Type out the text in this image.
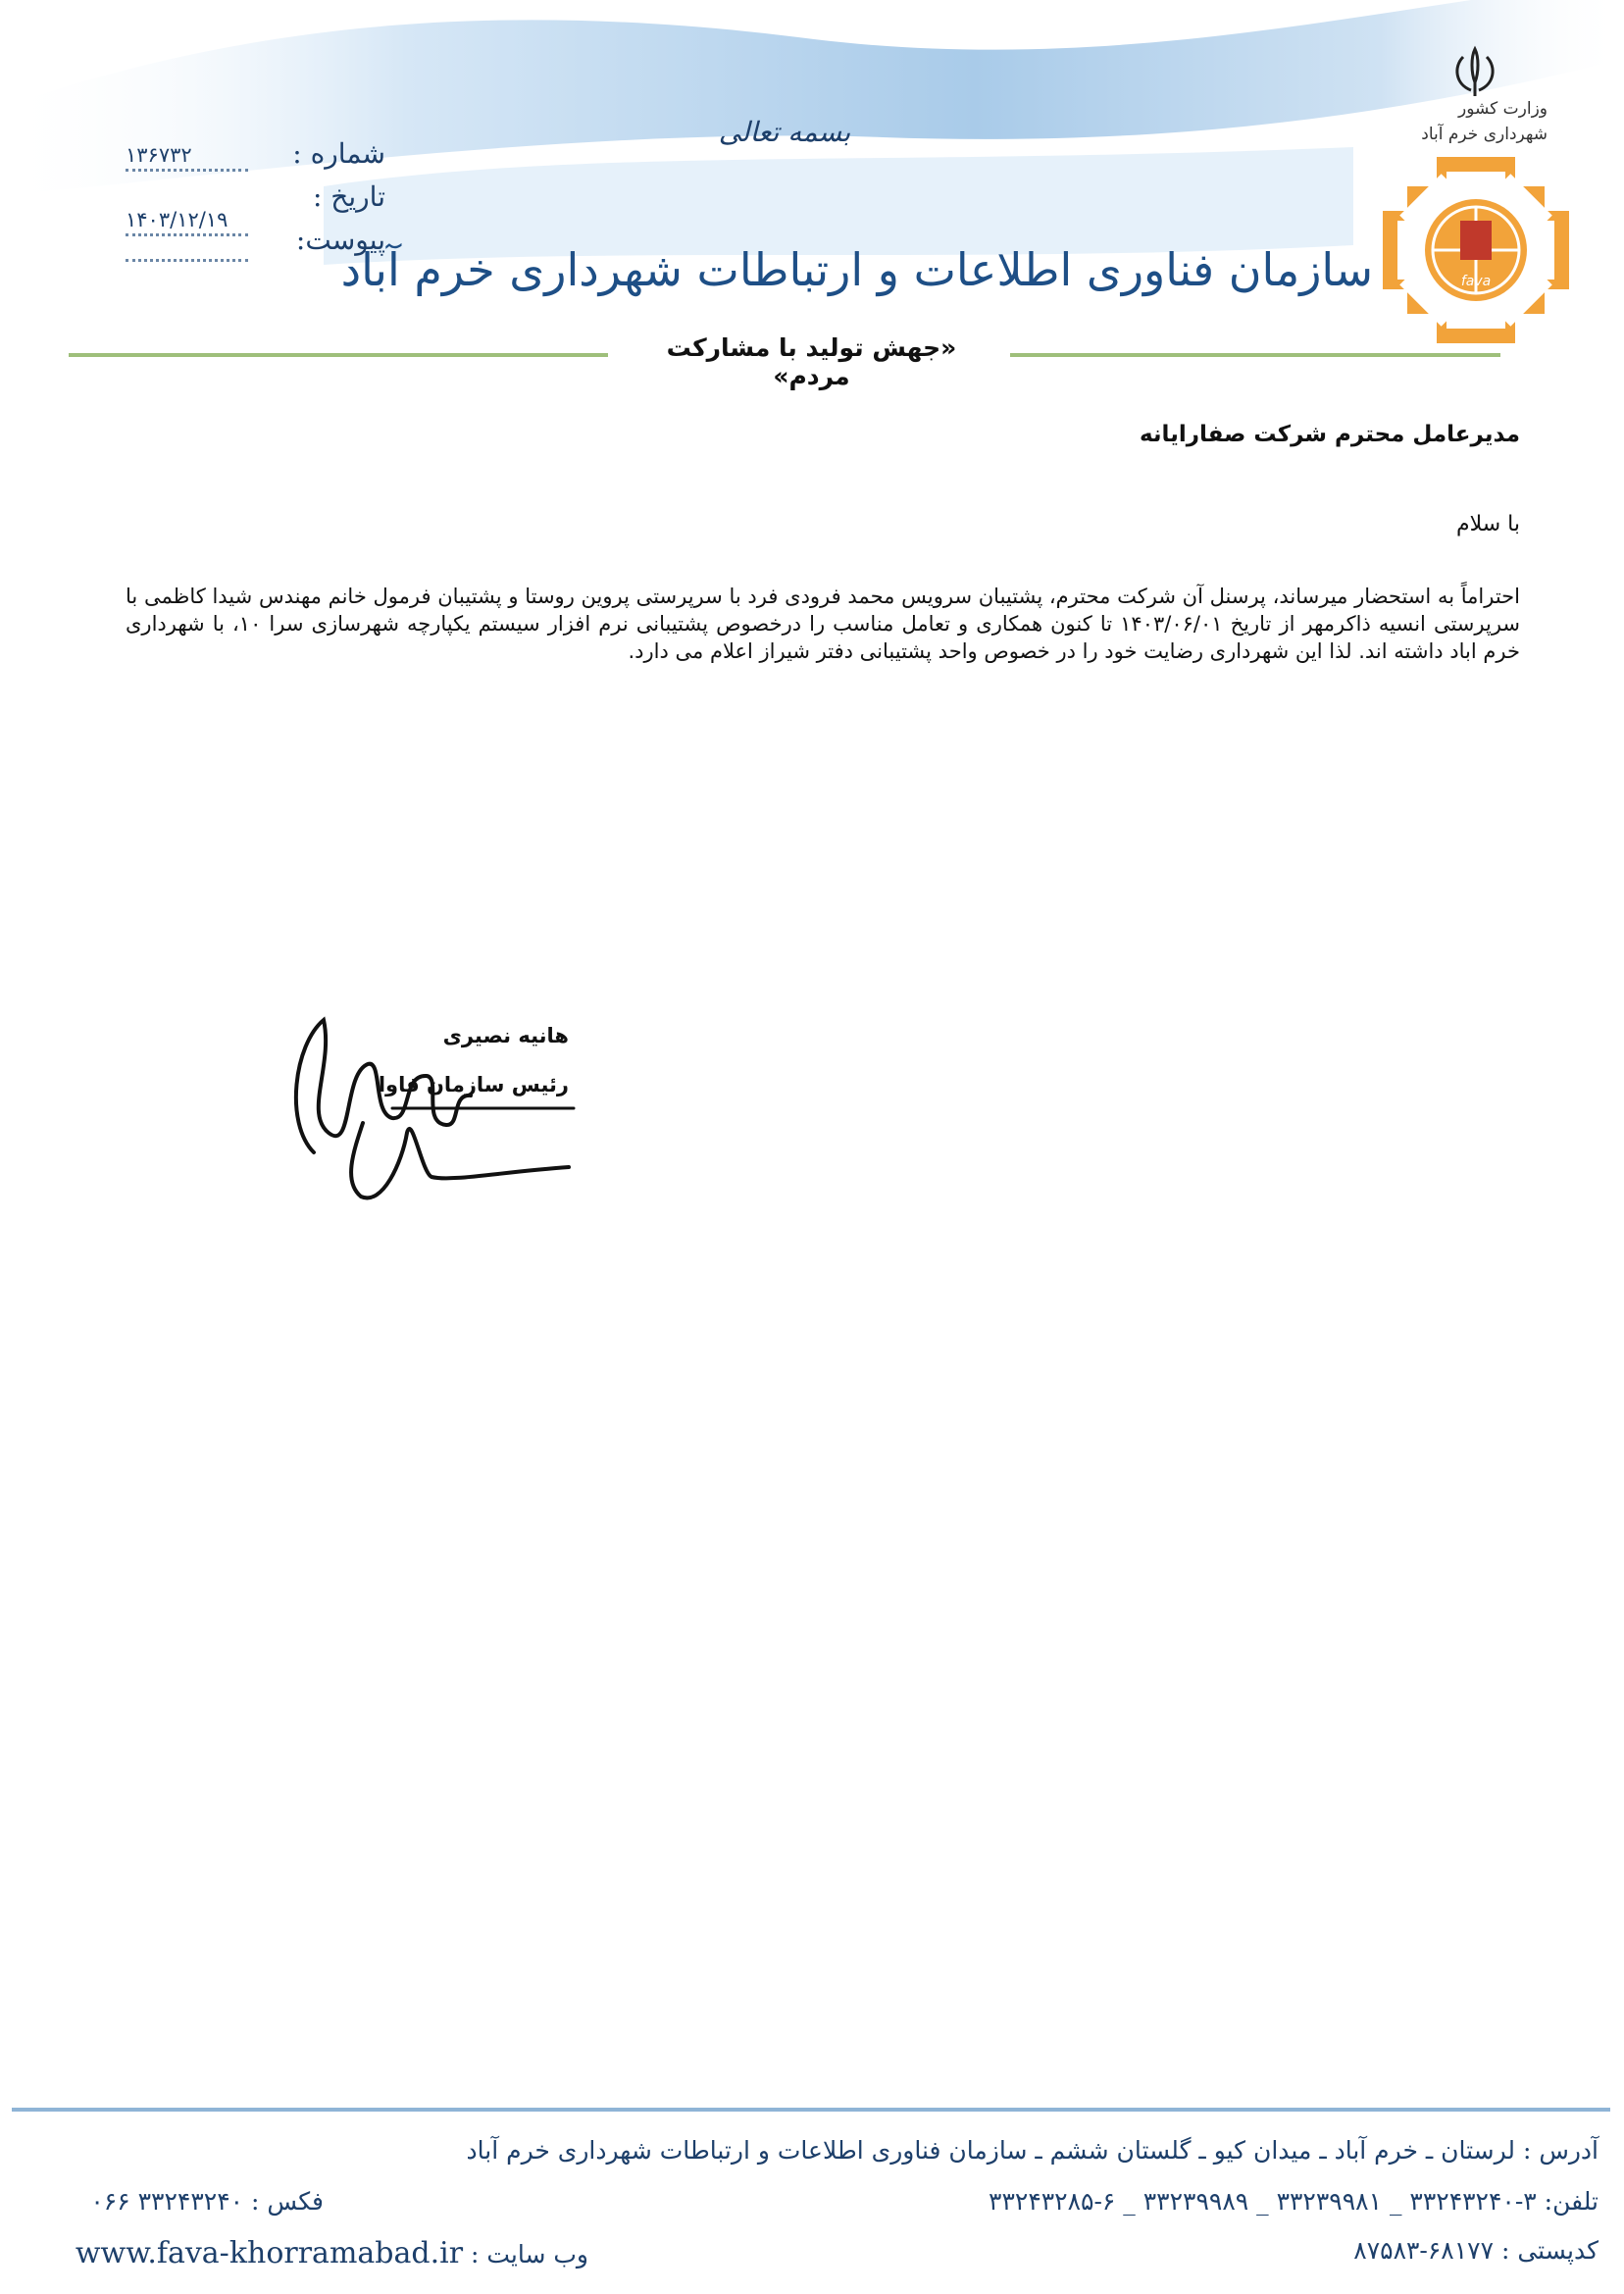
بسمه تعالی
شماره :
۱۳۶۷۳۲
تاریخ :
۱۴۰۳/۱۲/۱۹
پیوست:
سازمان فناوری اطلاعات و ارتباطات شهرداری خرم آباد
وزارت کشور
شهرداری خرم آباد
fava
«جهش تولید با مشارکت مردم»
مدیرعامل محترم شرکت صفارایانه
با سلام
احتراماً به استحضار میرساند، پرسنل آن شرکت محترم، پشتیبان سرویس محمد فرودی فرد با سرپرستی پروین روستا و پشتیبان فرمول خانم مهندس شیدا کاظمی با سرپرستی انسیه ذاکرمهر از تاریخ ۱۴۰۳/۰۶/۰۱ تا کنون همکاری و تعامل مناسب را درخصوص پشتیبانی نرم افزار سیستم یکپارچه شهرسازی سرا ۱۰، با شهرداری خرم اباد داشته اند. لذا این شهرداری رضایت خود را در خصوص واحد پشتیبانی دفتر شیراز اعلام می دارد.
هانیه نصیری
رئیس سازمان فاوا
آدرس : لرستان ـ خرم آباد ـ میدان کیو ـ گلستان ششم ـ سازمان فناوری اطلاعات و ارتباطات شهرداری خرم آباد
تلفن: ۳-۳۳۲۴۳۲۴۰ _ ۳۳۲۳۹۹۸۱ _ ۳۳۲۳۹۹۸۹ _ ۶-۳۳۲۴۳۲۸۵
فکس : ۳۳۲۴۳۲۴۰ ۰۶۶
وب سایت : www.fava-khorramabad.ir	کدپستی : ۶۸۱۷۷-۸۷۵۸۳
